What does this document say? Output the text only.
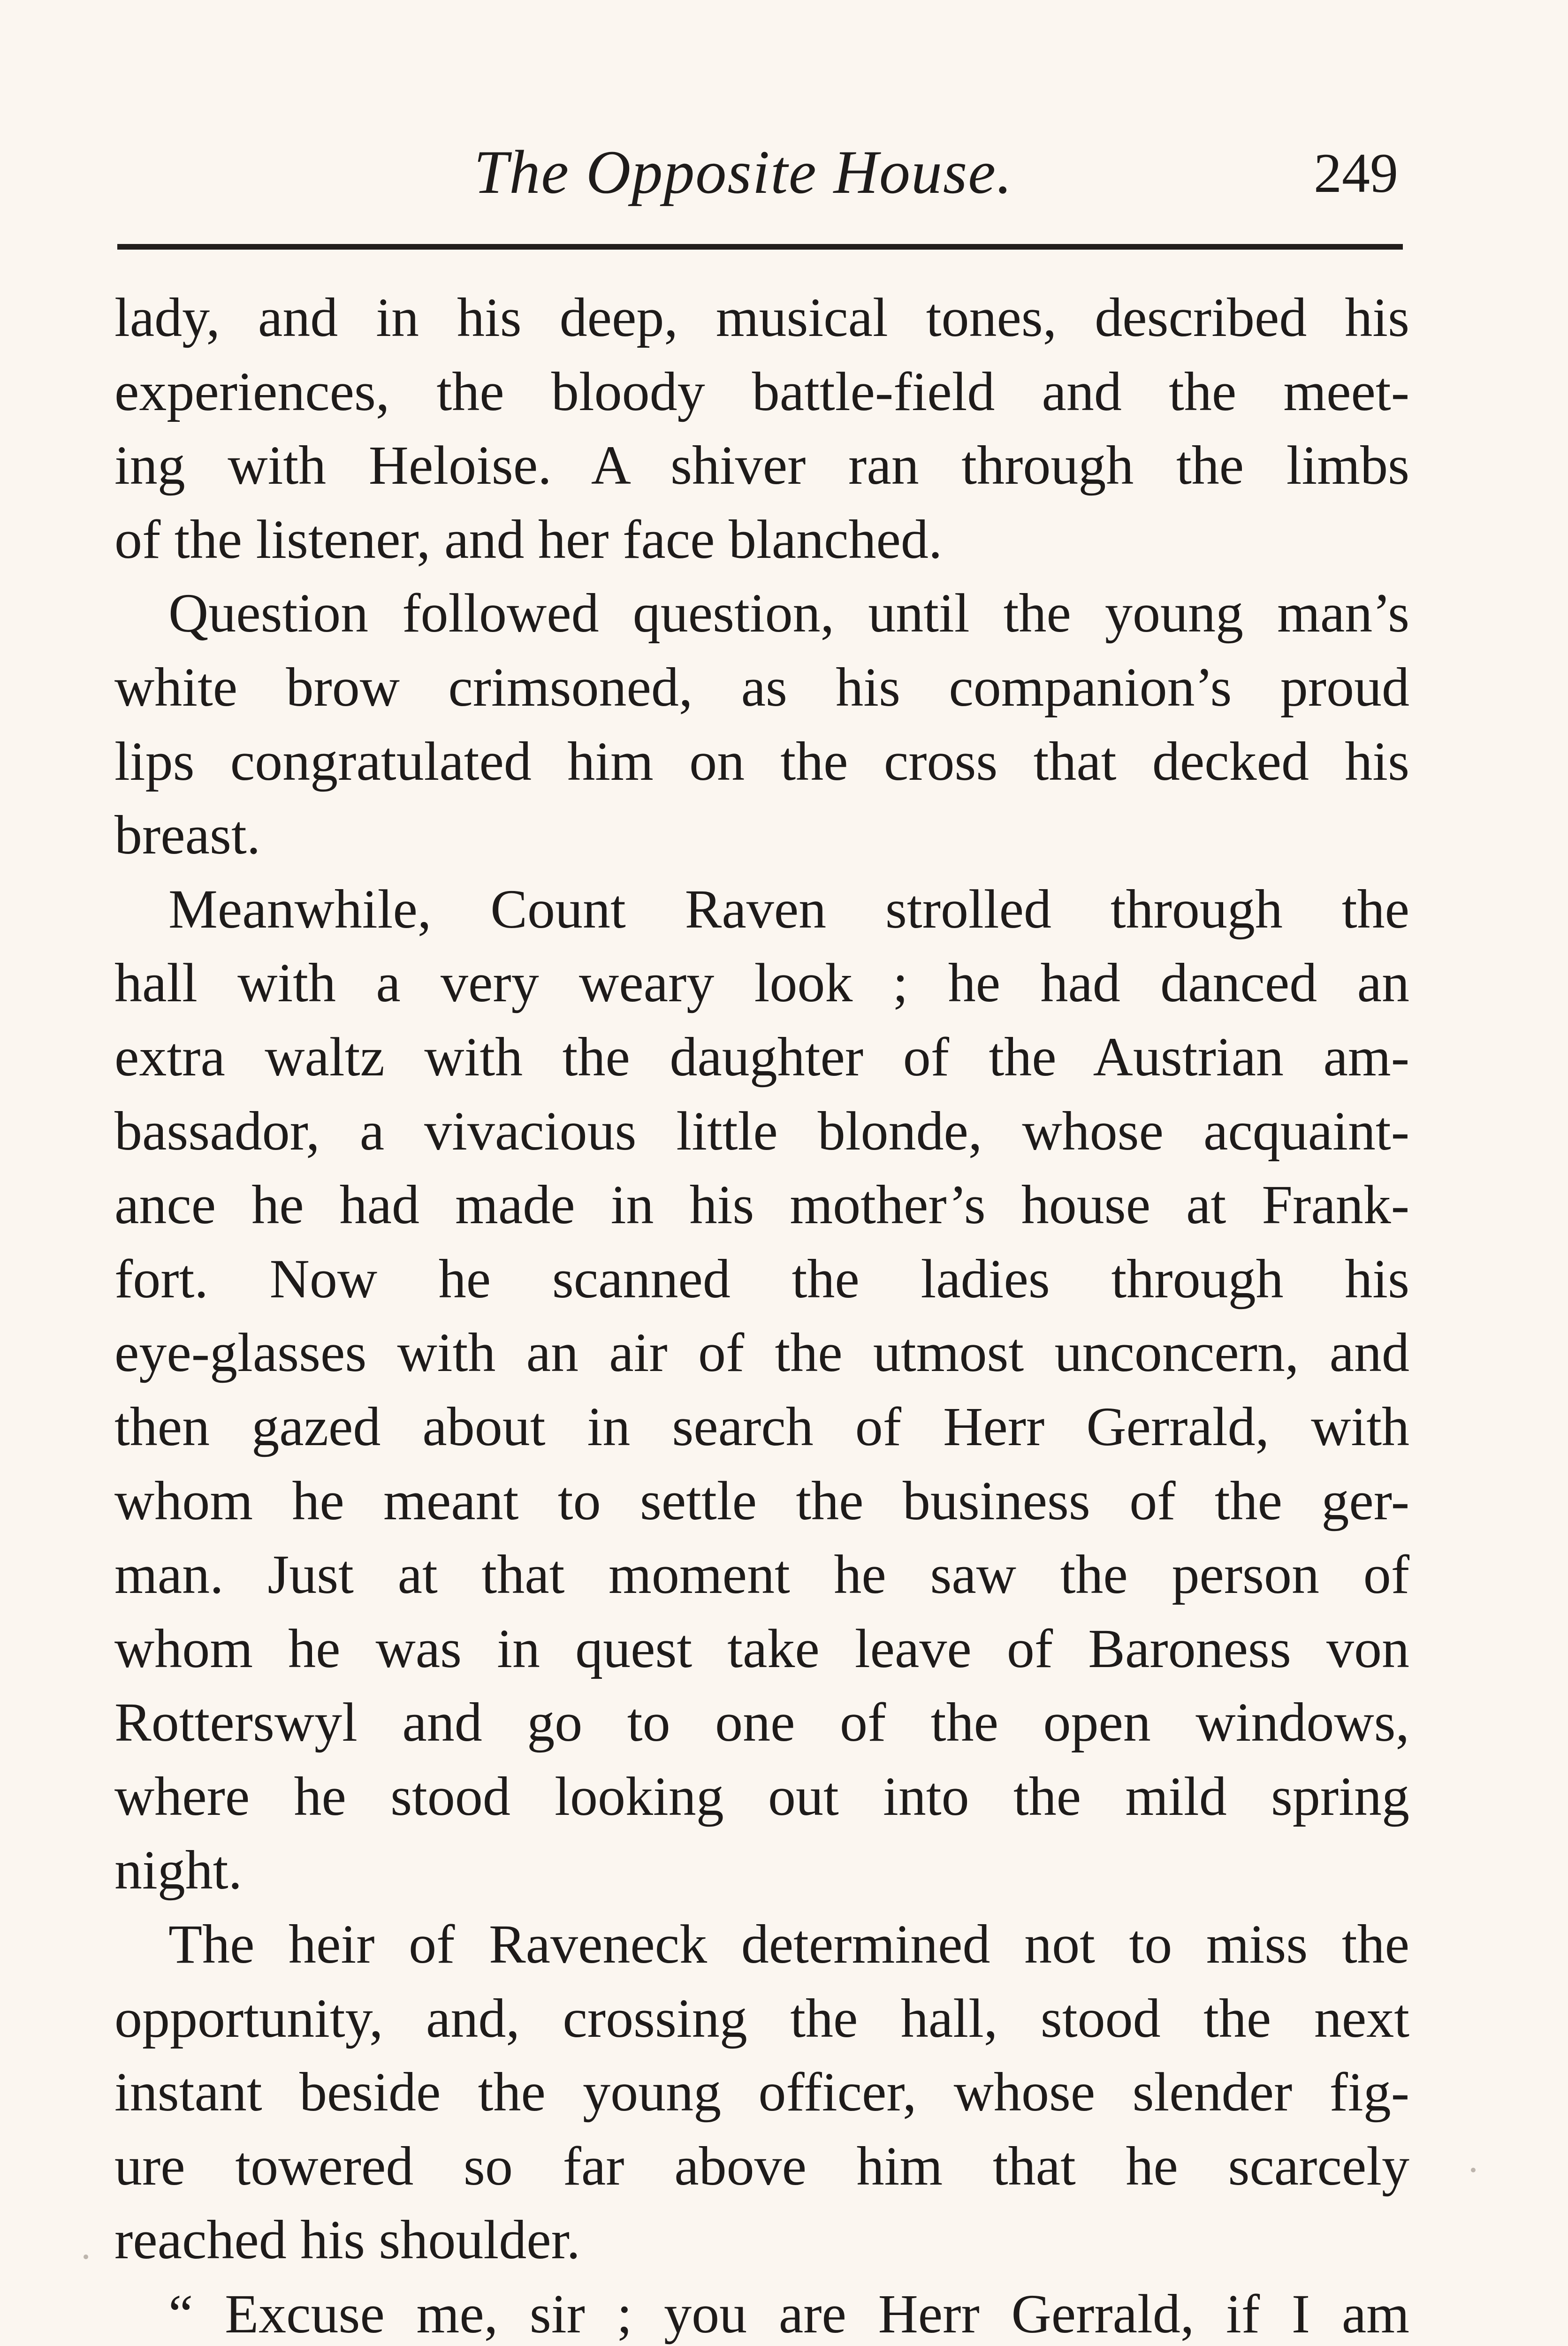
The Opposite House.	249
lady, and in his deep, musical tones, described his
experiences, the bloody battle-field and the meet-
ing with Heloise. A shiver ran through the limbs
of the listener, and her face blanched.
Question followed question, until the young man’s
white brow crimsoned, as his companion’s proud
lips congratulated him on the cross that decked his
breast.
Meanwhile, Count Raven strolled through the
hall with a very weary look ; he had danced an
extra waltz with the daughter of the Austrian am-
bassador, a vivacious little blonde, whose acquaint-
ance he had made in his mother’s house at Frank-
fort. Now he scanned the ladies through his
eye-glasses with an air of the utmost unconcern, and
then gazed about in search of Herr Gerrald, with
whom he meant to settle the business of the ger-
man. Just at that moment he saw the person of
whom he was in quest take leave of Baroness von
Rotterswyl and go to one of the open windows,
where he stood looking out into the mild spring
night.
The heir of Raveneck determined not to miss the
opportunity, and, crossing the hall, stood the next
instant beside the young officer, whose slender fig-
ure towered so far above him that he scarcely
reached his shoulder.
“ Excuse me, sir ; you are Herr Gerrald, if I am
